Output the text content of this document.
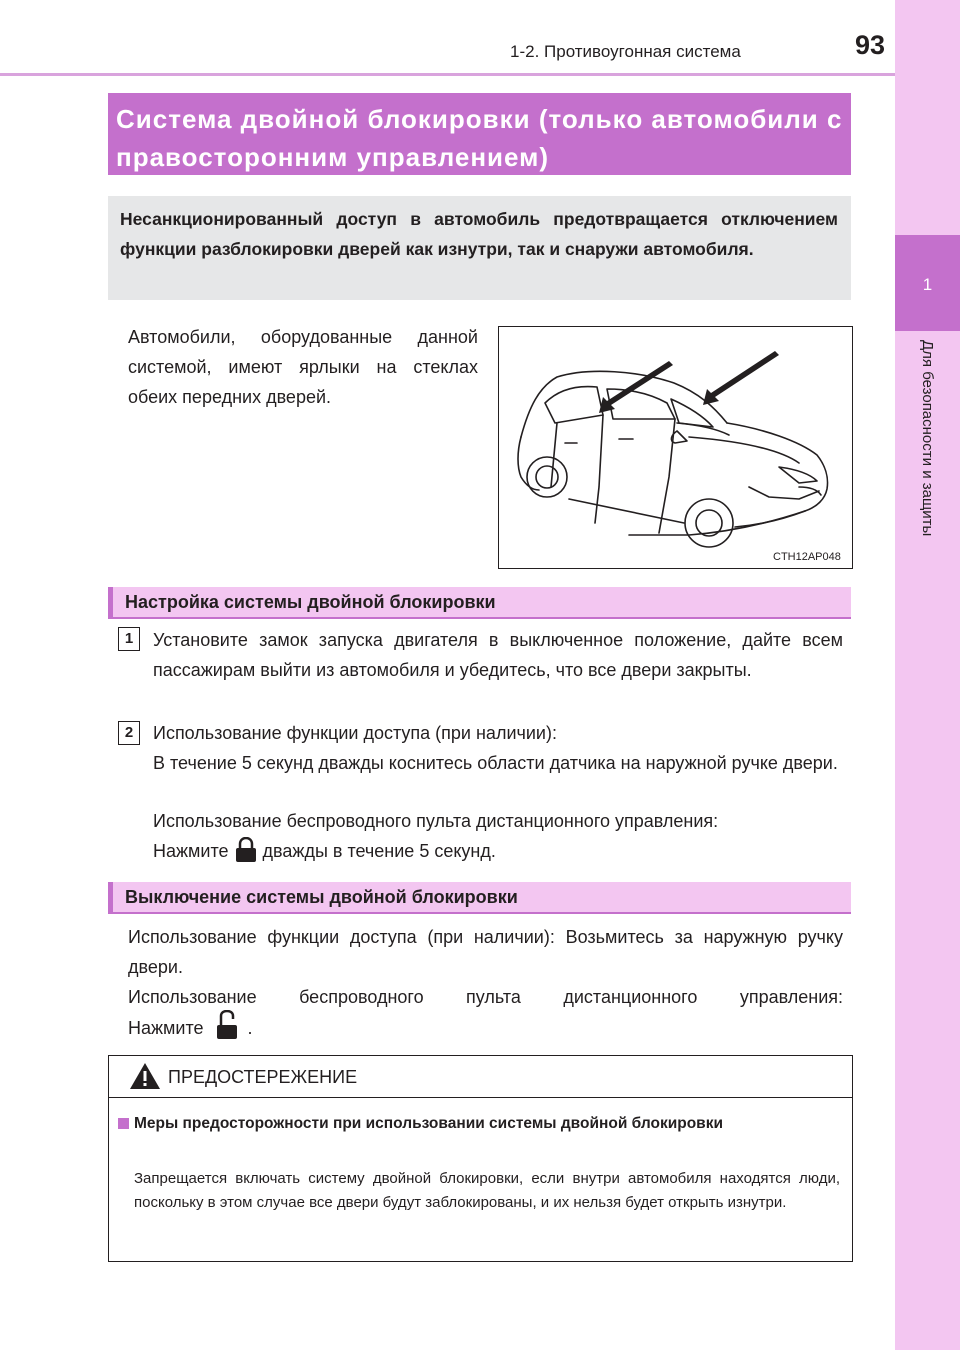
1-2. Противоугонная система	93
1
Для безопасности и защиты
Система двойной блокировки (только автомобили с правосторонним управлением)
Несанкционированный доступ в автомобиль предотвращается отключением функции разблокировки дверей как изнутри, так и снаружи автомобиля.
Автомобили, оборудованные данной системой, имеют ярлыки на стеклах обеих передних дверей.
CTH12AP048
Настройка системы двойной блокировки
1	Установите замок запуска двигателя в выключенное положение, дайте всем пассажирам выйти из автомобиля и убедитесь, что все двери закрыты.
2	Использование функции доступа (при наличии):
В течение 5 секунд дважды коснитесь области датчика на наружной ручке двери.
Использование беспроводного пульта дистанционного управления:
Нажмите дважды в течение 5 секунд.
Выключение системы двойной блокировки
Использование функции доступа (при наличии): Возьмитесь за наружную ручку двери.
Использование беспроводного пульта дистанционного управления:
Нажмите .
ПРЕДОСТЕРЕЖЕНИЕ
Меры предосторожности при использовании системы двойной блокировки
Запрещается включать систему двойной блокировки, если внутри автомобиля находятся люди, поскольку в этом случае все двери будут заблокированы, и их нельзя будет открыть изнутри.
